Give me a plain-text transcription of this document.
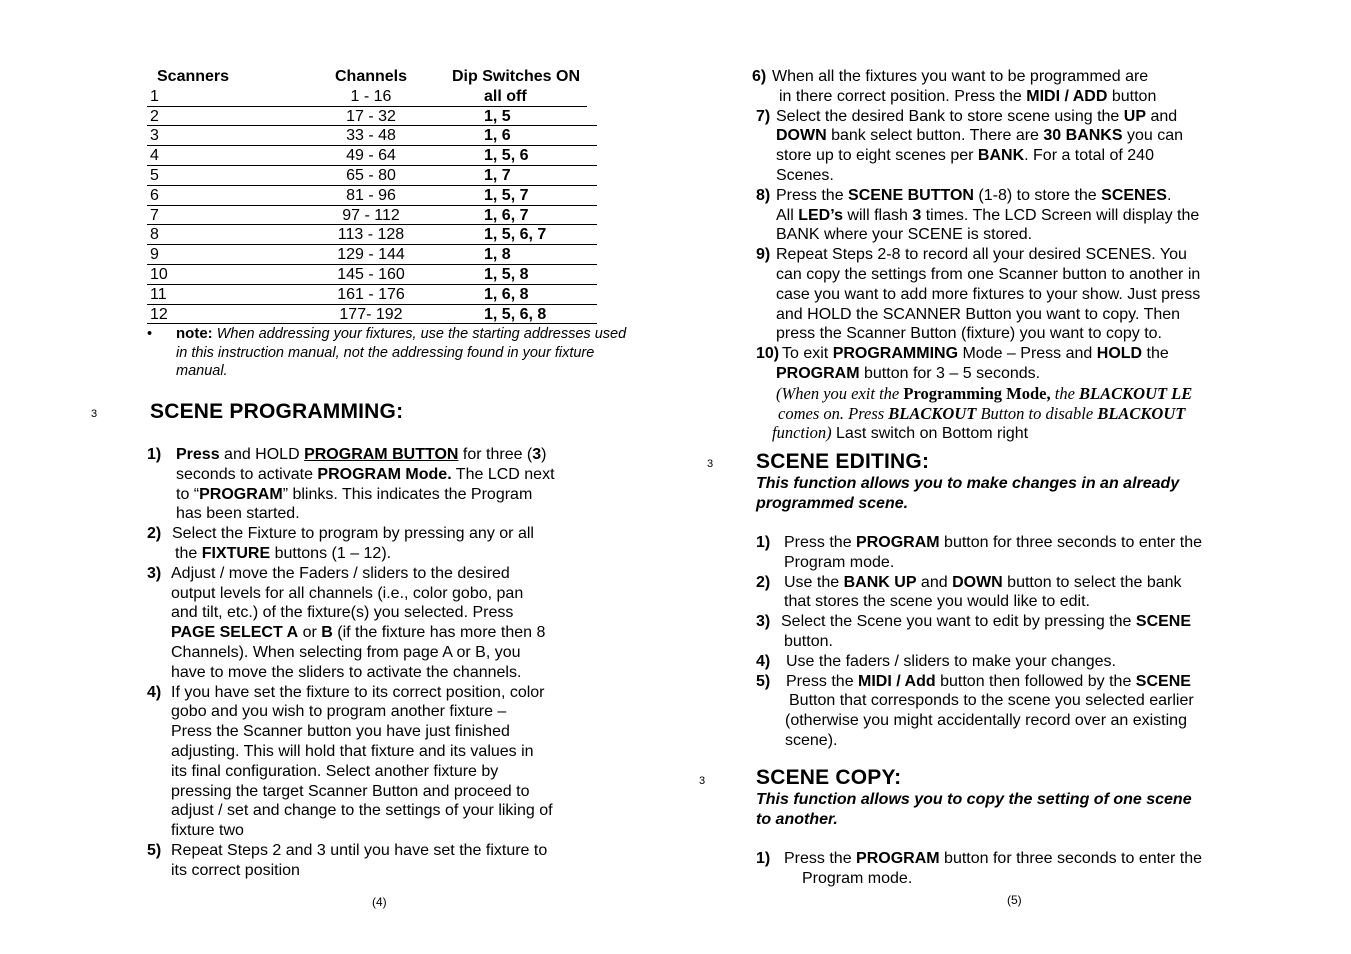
Scanners	Channels	Dip Switches ON
1	1 - 16	all off
2	17 - 32	1, 5
3	33 - 48	1, 6
4	49 - 64	1, 5, 6
5	65 - 80	1, 7
6	81 - 96	1, 5, 7
7	97 - 112	1, 6, 7
8	113 - 128	1, 5, 6, 7
9	129 - 144	1, 8
10	145 - 160	1, 5, 8
11	161 - 176	1, 6, 8
12	177- 192	1, 5, 6, 8
• note: When addressing your fixtures, use the starting addresses used in this instruction manual, not the addressing found in your fixture manual.
3	SCENE PROGRAMMING:
1) Press and HOLD PROGRAM BUTTON for three (3)
seconds to activate PROGRAM Mode. The LCD next
to “PROGRAM” blinks. This indicates the Program
has been started.
2) Select the Fixture to program by pressing any or all
the FIXTURE buttons (1 – 12).
3) Adjust / move the Faders / sliders to the desired
output levels for all channels (i.e., color gobo, pan
and tilt, etc.) of the fixture(s) you selected. Press
PAGE SELECT A or B (if the fixture has more then 8
Channels). When selecting from page A or B, you
have to move the sliders to activate the channels.
4) If you have set the fixture to its correct position, color
gobo and you wish to program another fixture –
Press the Scanner button you have just finished
adjusting. This will hold that fixture and its values in
its final configuration. Select another fixture by
pressing the target Scanner Button and proceed to
adjust / set and change to the settings of your liking of
fixture two
5) Repeat Steps 2 and 3 until you have set the fixture to
its correct position
(4)
6) When all the fixtures you want to be programmed are
in there correct position. Press the MIDI / ADD button
7) Select the desired Bank to store scene using the UP and
DOWN bank select button. There are 30 BANKS you can
store up to eight scenes per BANK. For a total of 240
Scenes.
8) Press the SCENE BUTTON (1-8) to store the SCENES.
All LED’s will flash 3 times. The LCD Screen will display the
BANK where your SCENE is stored.
9) Repeat Steps 2-8 to record all your desired SCENES. You
can copy the settings from one Scanner button to another in
case you want to add more fixtures to your show. Just press
and HOLD the SCANNER Button you want to copy. Then
press the Scanner Button (fixture) you want to copy to.
10) To exit PROGRAMMING Mode – Press and HOLD the
PROGRAM button for 3 – 5 seconds.
(When you exit the Programming Mode, the BLACKOUT LE
comes on. Press BLACKOUT Button to disable BLACKOUT
function) Last switch on Bottom right
3 SCENE EDITING:
This function allows you to make changes in an already
programmed scene.
1) Press the PROGRAM button for three seconds to enter the
Program mode.
2) Use the BANK UP and DOWN button to select the bank
that stores the scene you would like to edit.
3) Select the Scene you want to edit by pressing the SCENE
button.
4) Use the faders / sliders to make your changes.
5) Press the MIDI / Add button then followed by the SCENE
Button that corresponds to the scene you selected earlier
(otherwise you might accidentally record over an existing
scene).
3 SCENE COPY:
This function allows you to copy the setting of one scene
to another.
1) Press the PROGRAM button for three seconds to enter the
Program mode.
(5)
